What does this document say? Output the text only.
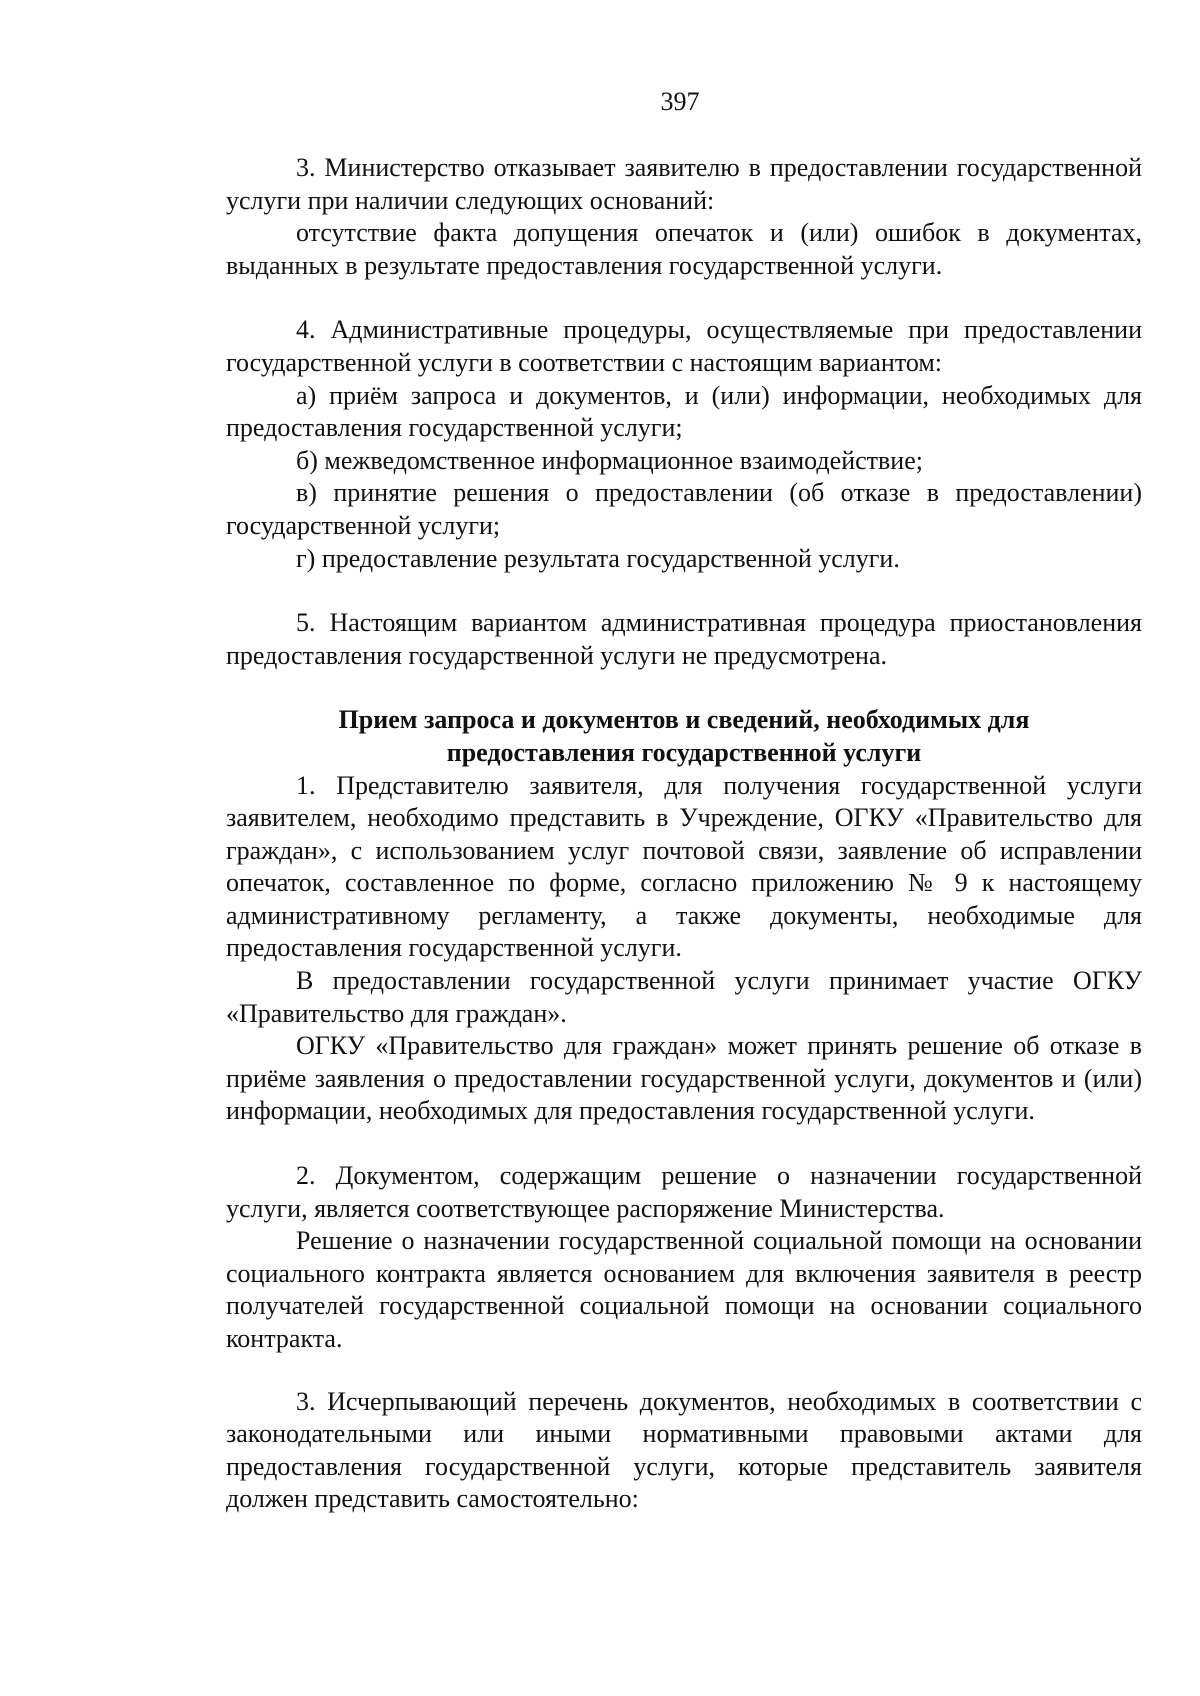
397

3. Министерство отказывает заявителю в предоставлении государственной услуги при наличии следующих оснований:

отсутствие факта допущения опечаток и (или) ошибок в документах, выданных в результате предоставления государственной услуги.

4. Административные процедуры, осуществляемые при предоставлении государственной услуги в соответствии с настоящим вариантом:

а) приём запроса и документов, и (или) информации, необходимых для предоставления государственной услуги;

б) межведомственное информационное взаимодействие;

в) принятие решения о предоставлении (об отказе в предоставлении) государственной услуги;

г) предоставление результата государственной услуги.

5. Настоящим вариантом административная процедура приостановления предоставления государственной услуги не предусмотрена.

Прием запроса и документов и сведений, необходимых для предоставления государственной услуги

1. Представителю заявителя, для получения государственной услуги заявителем, необходимо представить в Учреждение, ОГКУ «Правительство для граждан», с использованием услуг почтовой связи, заявление об исправлении опечаток, составленное по форме, согласно приложению № 9 к настоящему административному регламенту, а также документы, необходимые для предоставления государственной услуги.

В предоставлении государственной услуги принимает участие ОГКУ «Правительство для граждан».

ОГКУ «Правительство для граждан» может принять решение об отказе в приёме заявления о предоставлении государственной услуги, документов и (или) информации, необходимых для предоставления государственной услуги.

2. Документом, содержащим решение о назначении государственной услуги, является соответствующее распоряжение Министерства.

Решение о назначении государственной социальной помощи на основании социального контракта является основанием для включения заявителя в реестр получателей государственной социальной помощи на основании социального контракта.

3. Исчерпывающий перечень документов, необходимых в соответствии с законодательными или иными нормативными правовыми актами для предоставления государственной услуги, которые представитель заявителя должен представить самостоятельно:
